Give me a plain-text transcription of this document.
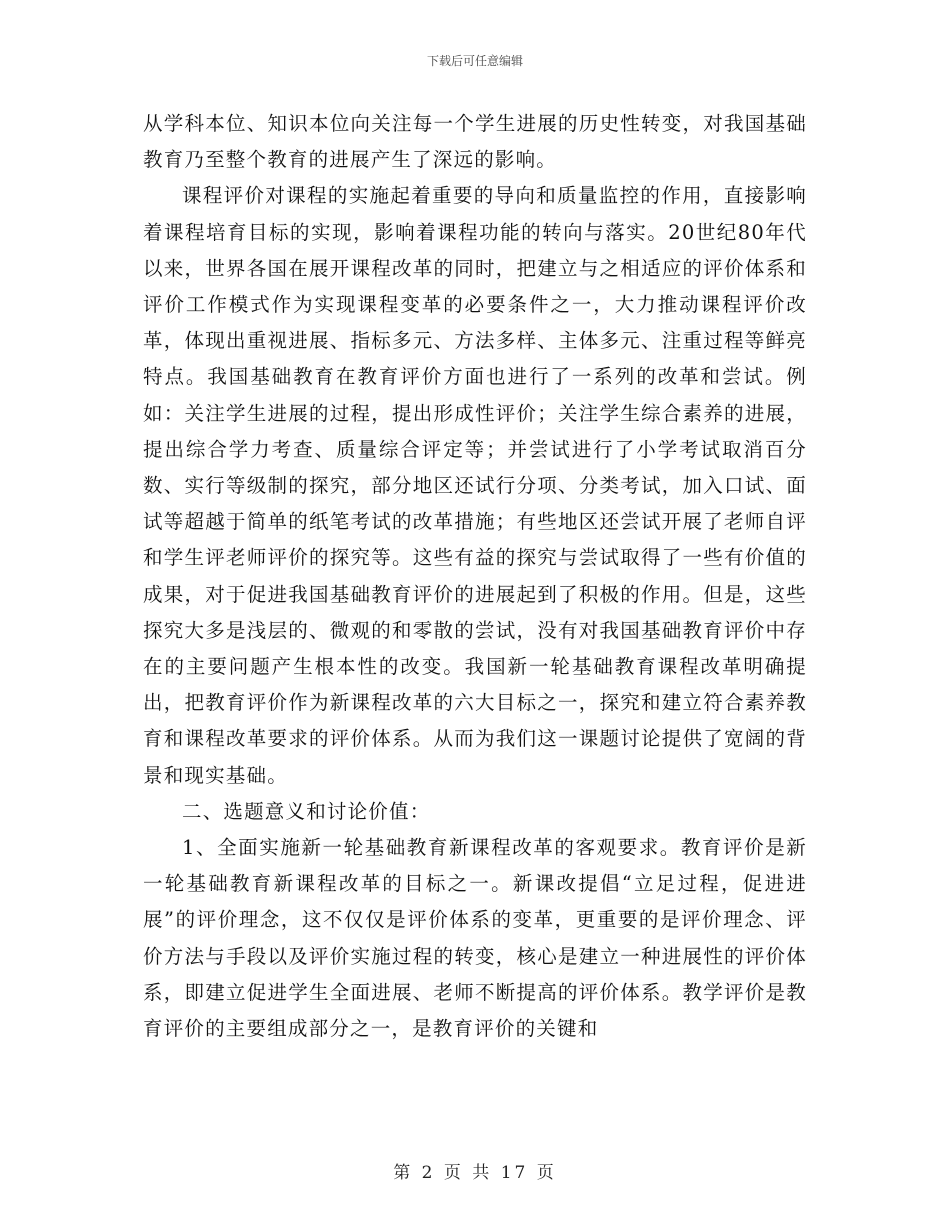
下载后可任意编辑

从学科本位、知识本位向关注每一个学生进展的历史性转变，对我国基础教育乃至整个教育的进展产生了深远的影响。

课程评价对课程的实施起着重要的导向和质量监控的作用，直接影响着课程培育目标的实现，影响着课程功能的转向与落实。20世纪80年代以来，世界各国在展开课程改革的同时，把建立与之相适应的评价体系和评价工作模式作为实现课程变革的必要条件之一，大力推动课程评价改革，体现出重视进展、指标多元、方法多样、主体多元、注重过程等鲜亮特点。我国基础教育在教育评价方面也进行了一系列的改革和尝试。例如：关注学生进展的过程，提出形成性评价；关注学生综合素养的进展，提出综合学力考查、质量综合评定等；并尝试进行了小学考试取消百分数、实行等级制的探究，部分地区还试行分项、分类考试，加入口试、面试等超越于简单的纸笔考试的改革措施；有些地区还尝试开展了老师自评和学生评老师评价的探究等。这些有益的探究与尝试取得了一些有价值的成果，对于促进我国基础教育评价的进展起到了积极的作用。但是，这些探究大多是浅层的、微观的和零散的尝试，没有对我国基础教育评价中存在的主要问题产生根本性的改变。我国新一轮基础教育课程改革明确提出，把教育评价作为新课程改革的六大目标之一，探究和建立符合素养教育和课程改革要求的评价体系。从而为我们这一课题讨论提供了宽阔的背景和现实基础。

二、选题意义和讨论价值：

1、全面实施新一轮基础教育新课程改革的客观要求。教育评价是新一轮基础教育新课程改革的目标之一。新课改提倡“立足过程，促进进展”的评价理念，这不仅仅是评价体系的变革，更重要的是评价理念、评价方法与手段以及评价实施过程的转变，核心是建立一种进展性的评价体系，即建立促进学生全面进展、老师不断提高的评价体系。教学评价是教育评价的主要组成部分之一，是教育评价的关键和

第 2 页 共 17 页
